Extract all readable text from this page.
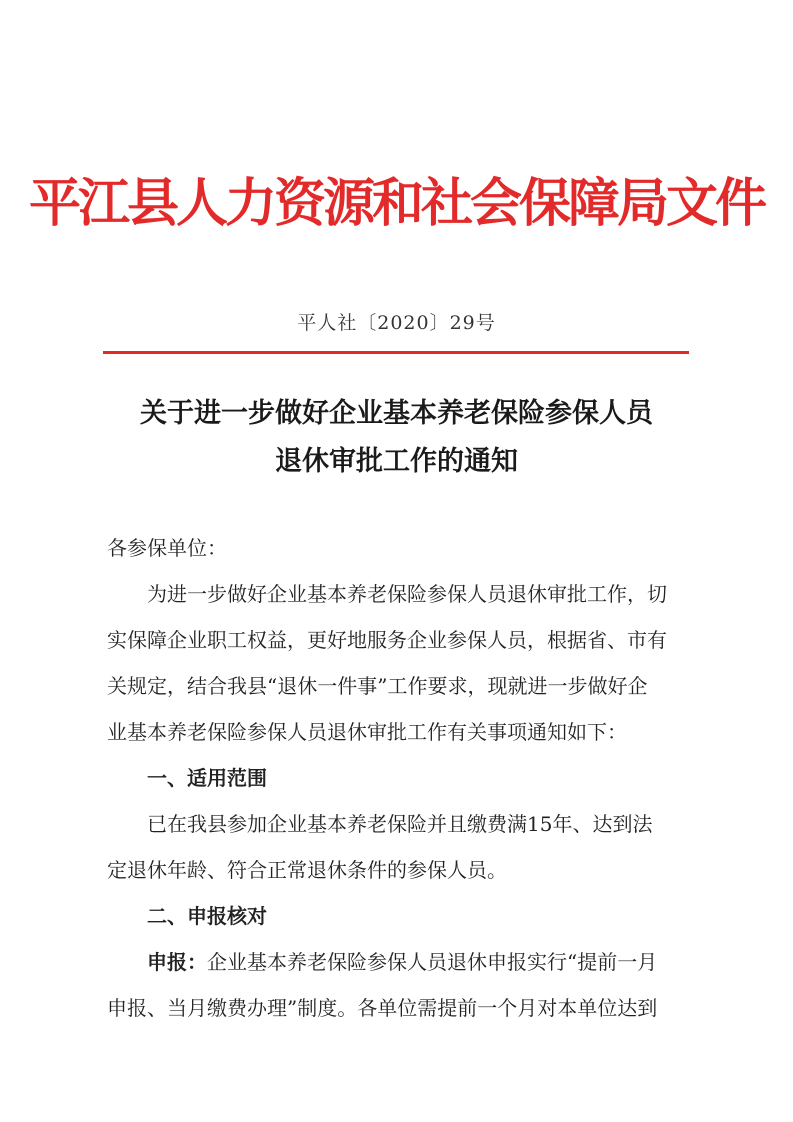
平江县人力资源和社会保障局文件
平人社〔2020〕29号
关于进一步做好企业基本养老保险参保人员
退休审批工作的通知
各参保单位：
为进一步做好企业基本养老保险参保人员退休审批工作，切
实保障企业职工权益，更好地服务企业参保人员，根据省、市有
关规定，结合我县“退休一件事”工作要求，现就进一步做好企
业基本养老保险参保人员退休审批工作有关事项通知如下：
一、适用范围
已在我县参加企业基本养老保险并且缴费满15年、达到法
定退休年龄、符合正常退休条件的参保人员。
二、申报核对
申报：企业基本养老保险参保人员退休申报实行“提前一月
申报、当月缴费办理”制度。各单位需提前一个月对本单位达到
